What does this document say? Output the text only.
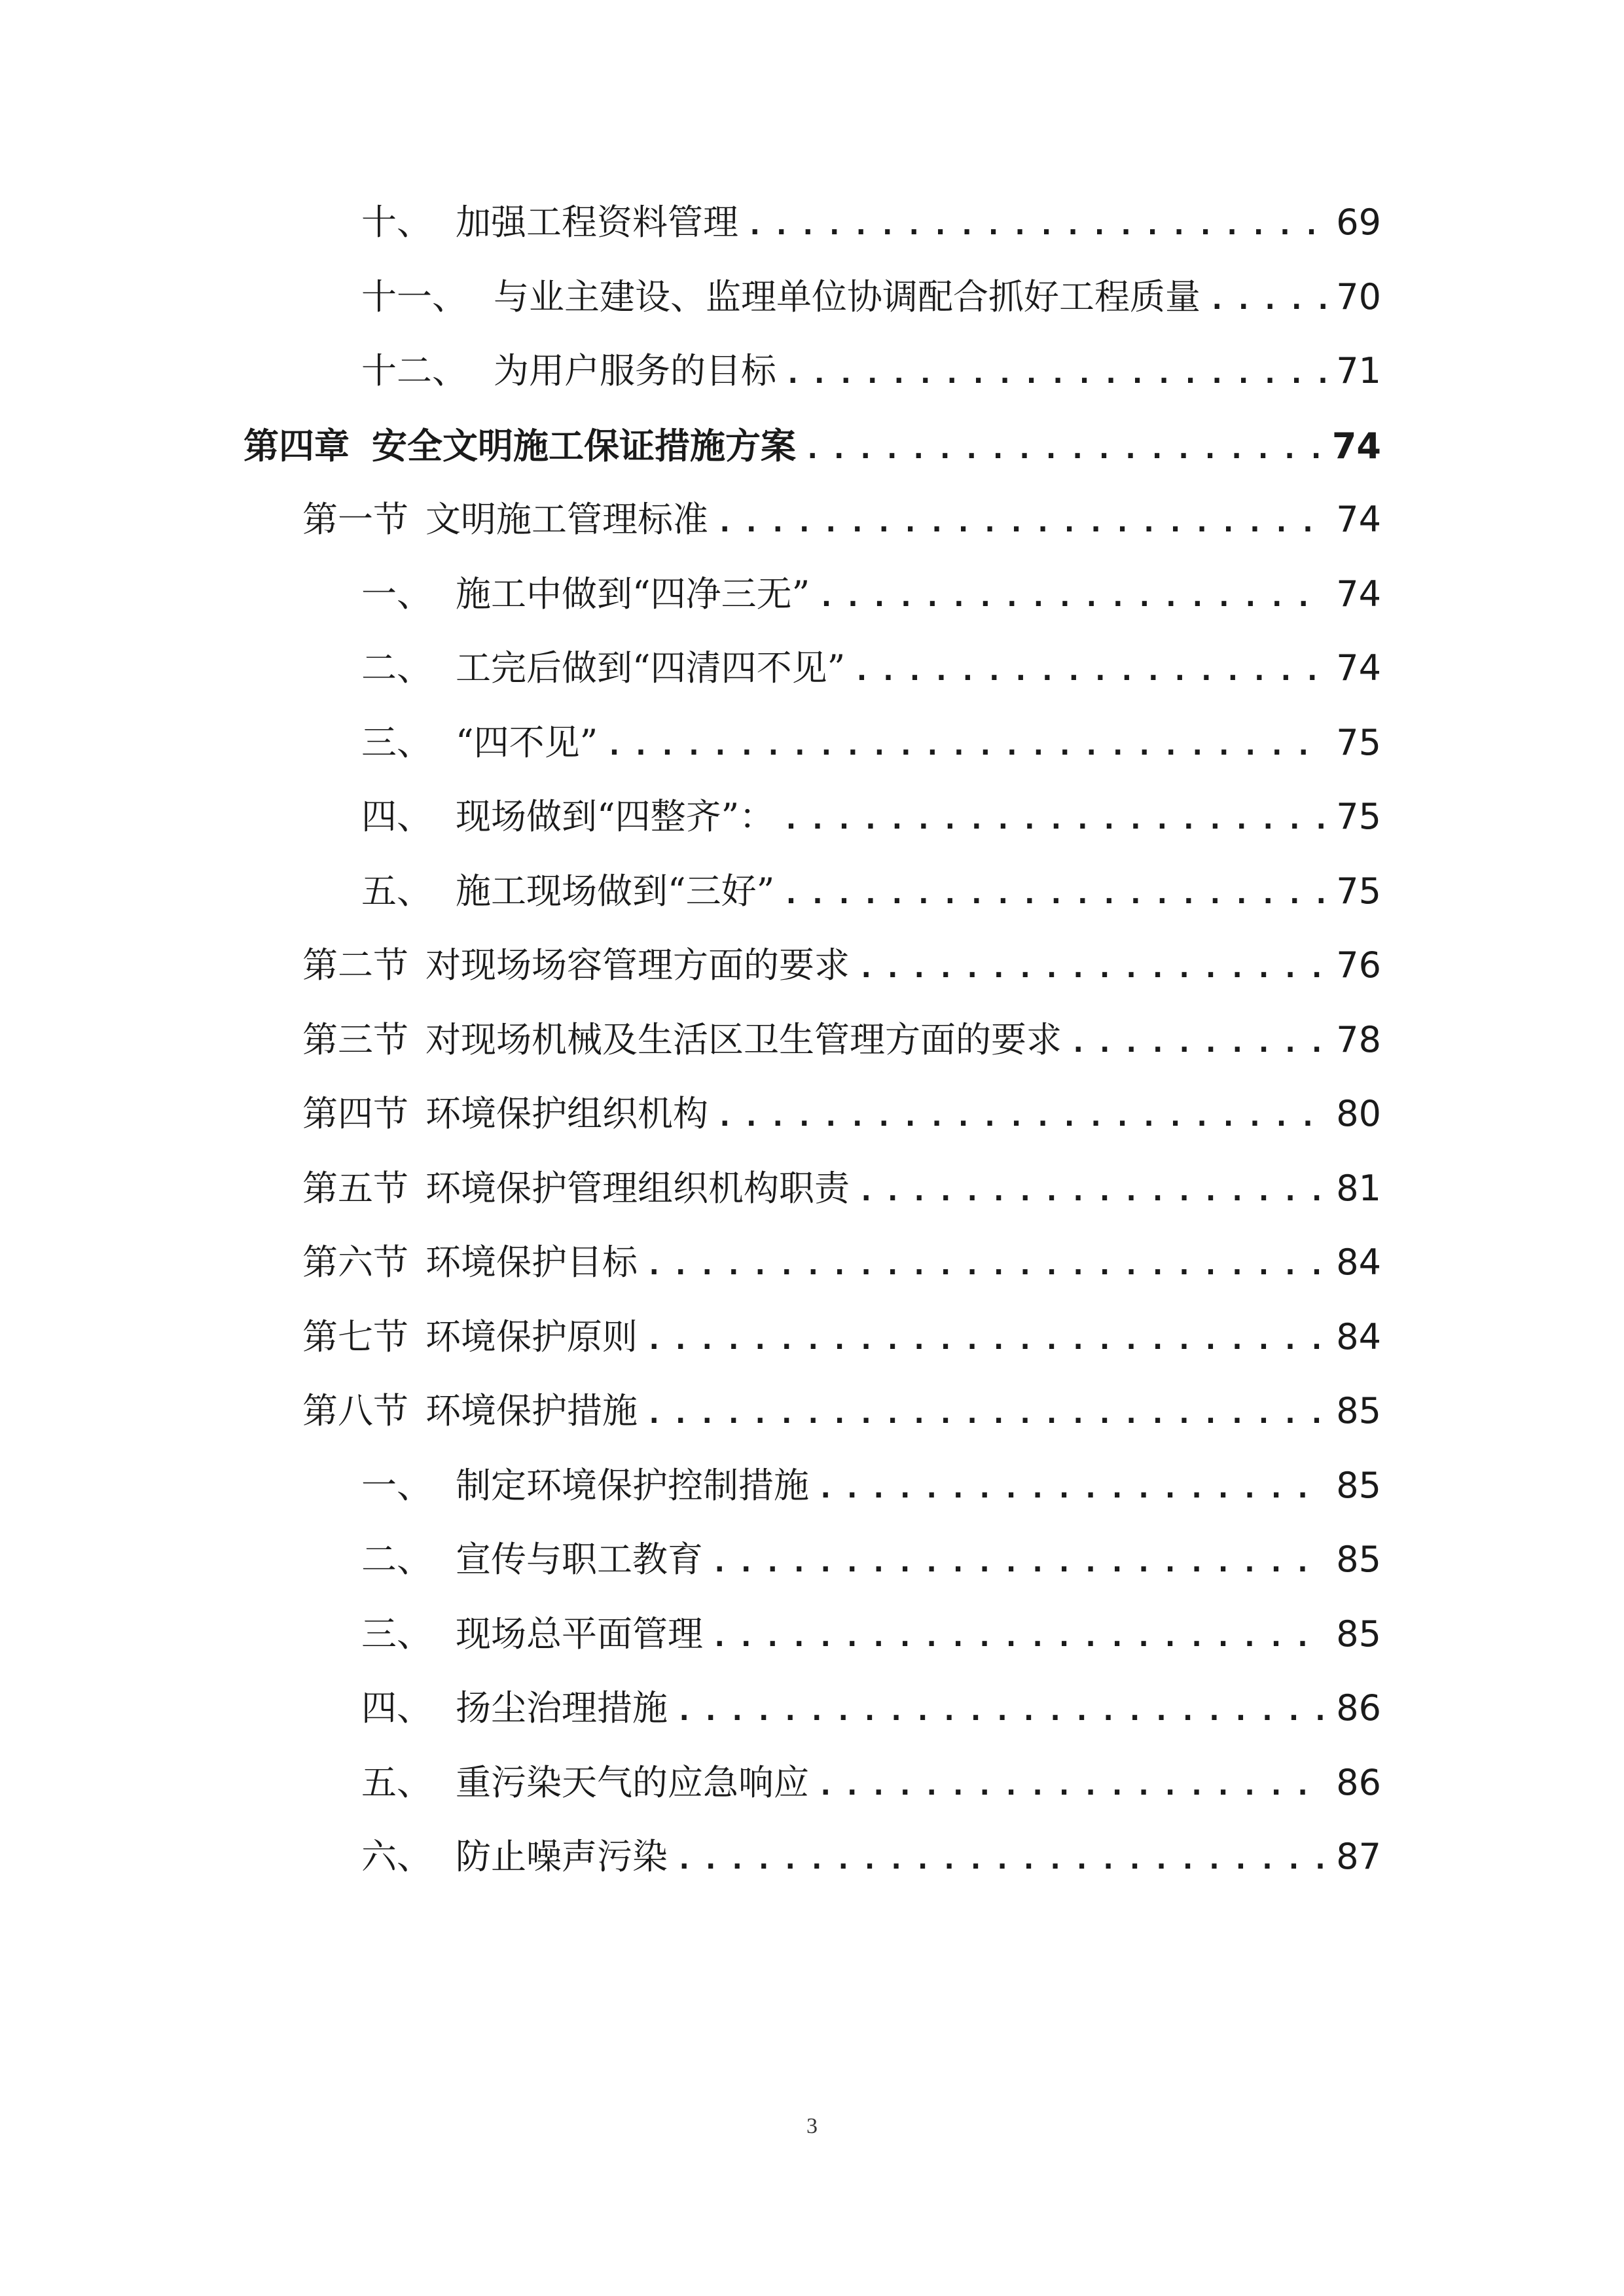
十、 加强工程资料管理 .....	69
十一、 与业主建设、监理单位协调配合抓好工程质量 .....	70
十二、 为用户服务的目标 .....	71
第四章 安全文明施工保证措施方案 .....	74
第一节 文明施工管理标准 .....	74
一、 施工中做到“四净三无” .....	74
二、 工完后做到“四清四不见” .....	74
三、 “四不见” .....	75
四、 现场做到“四整齐”： .....	75
五、 施工现场做到“三好” .....	75
第二节 对现场场容管理方面的要求 .....	76
第三节 对现场机械及生活区卫生管理方面的要求 .....	78
第四节 环境保护组织机构 .....	80
第五节 环境保护管理组织机构职责 .....	81
第六节 环境保护目标 .....	84
第七节 环境保护原则 .....	84
第八节 环境保护措施 .....	85
一、 制定环境保护控制措施 .....	85
二、 宣传与职工教育 .....	85
三、 现场总平面管理 .....	85
四、 扬尘治理措施 .....	86
五、 重污染天气的应急响应 .....	86
六、 防止噪声污染 .....	87
3
